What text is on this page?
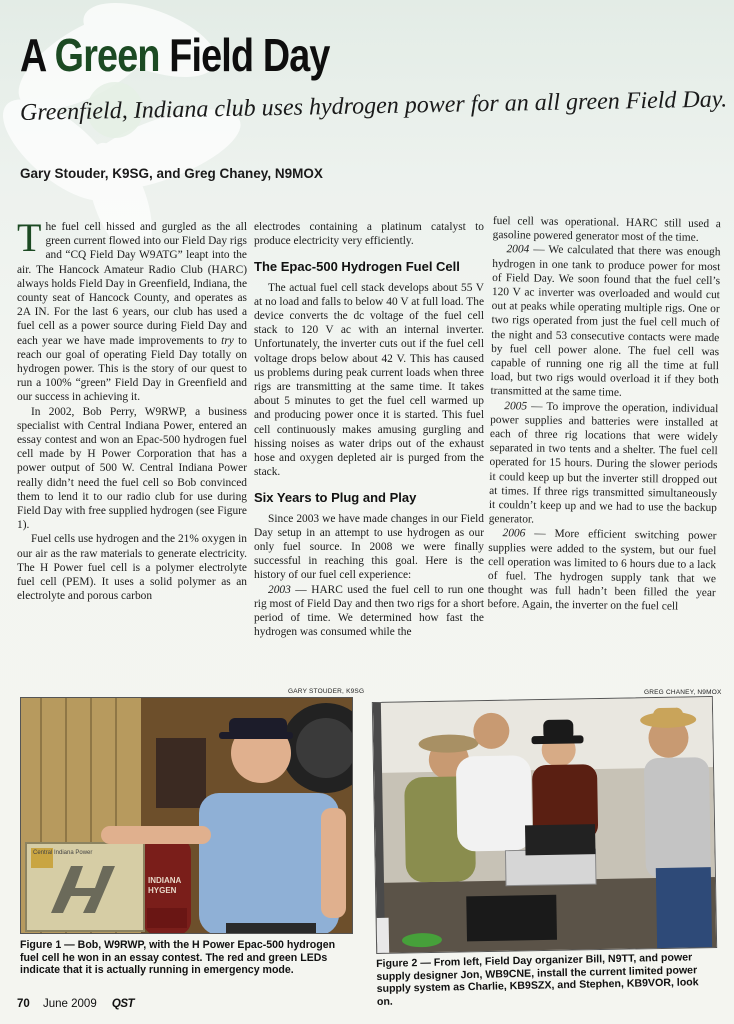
A Green Field Day
Greenfield, Indiana club uses hydrogen power for an all green Field Day.
Gary Stouder, K9SG, and Greg Chaney, N9MOX

The fuel cell hissed and gurgled as the all green current flowed into our Field Day rigs and “CQ Field Day W9ATG” leapt into the air. The Hancock Amateur Radio Club (HARC) always holds Field Day in Greenfield, Indiana, the county seat of Hancock County, and operates as 2A IN. For the last 6 years, our club has used a fuel cell as a power source during Field Day and each year we have made improvements to try to reach our goal of operating Field Day totally on hydrogen power. This is the story of our quest to run a 100% “green” Field Day in Greenfield and our success in achieving it.

In 2002, Bob Perry, W9RWP, a business specialist with Central Indiana Power, entered an essay contest and won an Epac-500 hydrogen fuel cell made by H Power Corporation that has a power output of 500 W. Central Indiana Power really didn’t need the fuel cell so Bob convinced them to lend it to our radio club for use during Field Day with free supplied hydrogen (see Figure 1).

Fuel cells use hydrogen and the 21% oxygen in our air as the raw materials to generate electricity. The H Power fuel cell is a polymer electrolyte fuel cell (PEM). It uses a solid polymer as an electrolyte and porous carbon

electrodes containing a platinum catalyst to produce electricity very efficiently.

The Epac-500 Hydrogen Fuel Cell

The actual fuel cell stack develops about 55 V at no load and falls to below 40 V at full load. The device converts the dc voltage of the fuel cell stack to 120 V ac with an internal inverter. Unfortunately, the inverter cuts out if the fuel cell voltage drops below about 42 V. This has caused us problems during peak current loads when three rigs are transmitting at the same time. It takes about 5 minutes to get the fuel cell warmed up and producing power once it is started. This fuel cell continuously makes amusing gurgling and hissing noises as water drips out of the exhaust hose and oxygen depleted air is purged from the stack.

Six Years to Plug and Play

Since 2003 we have made changes in our Field Day setup in an attempt to use hydrogen as our only fuel source. In 2008 we were finally successful in reaching this goal. Here is the history of our fuel cell experience:

2003 — HARC used the fuel cell to run one rig most of Field Day and then two rigs for a short period of time. We determined how fast the hydrogen was consumed while the

fuel cell was operational. HARC still used a gasoline powered generator most of the time.

2004 — We calculated that there was enough hydrogen in one tank to produce power for most of Field Day. We soon found that the fuel cell’s 120 V ac inverter was overloaded and would cut out at peaks while operating multiple rigs. One or two rigs operated from just the fuel cell much of the night and 53 consecutive contacts were made by fuel cell power alone. The fuel cell was capable of running one rig all the time at full load, but two rigs would overload it if they both transmitted at the same time.

2005 — To improve the operation, individual power supplies and batteries were installed at each of three rig locations that were widely separated in two tents and a shelter. The fuel cell operated for 15 hours. During the slower periods it could keep up but the inverter still dropped out at times. If three rigs transmitted simultaneously it couldn’t keep up and we had to use the backup generator.

2006 — More efficient switching power supplies were added to the system, but our fuel cell operation was limited to 6 hours due to a lack of fuel. The hydrogen supply tank that we thought was full hadn’t been filled the year before. Again, the inverter on the fuel cell

GARY STOUDER, K9SG
Central Indiana Power
INDIANA HYGEN
Figure 1 — Bob, W9RWP, with the H Power Epac-500 hydrogen fuel cell he won in an essay contest. The red and green LEDs indicate that it is actually running in emergency mode.
GREG CHANEY, N9MOX
Figure 2 — From left, Field Day organizer Bill, N9TT, and power supply designer Jon, WB9CNE, install the current limited power supply system as Charlie, KB9SZX, and Stephen, KB9VOR, look on.
70 June 2009 QST
